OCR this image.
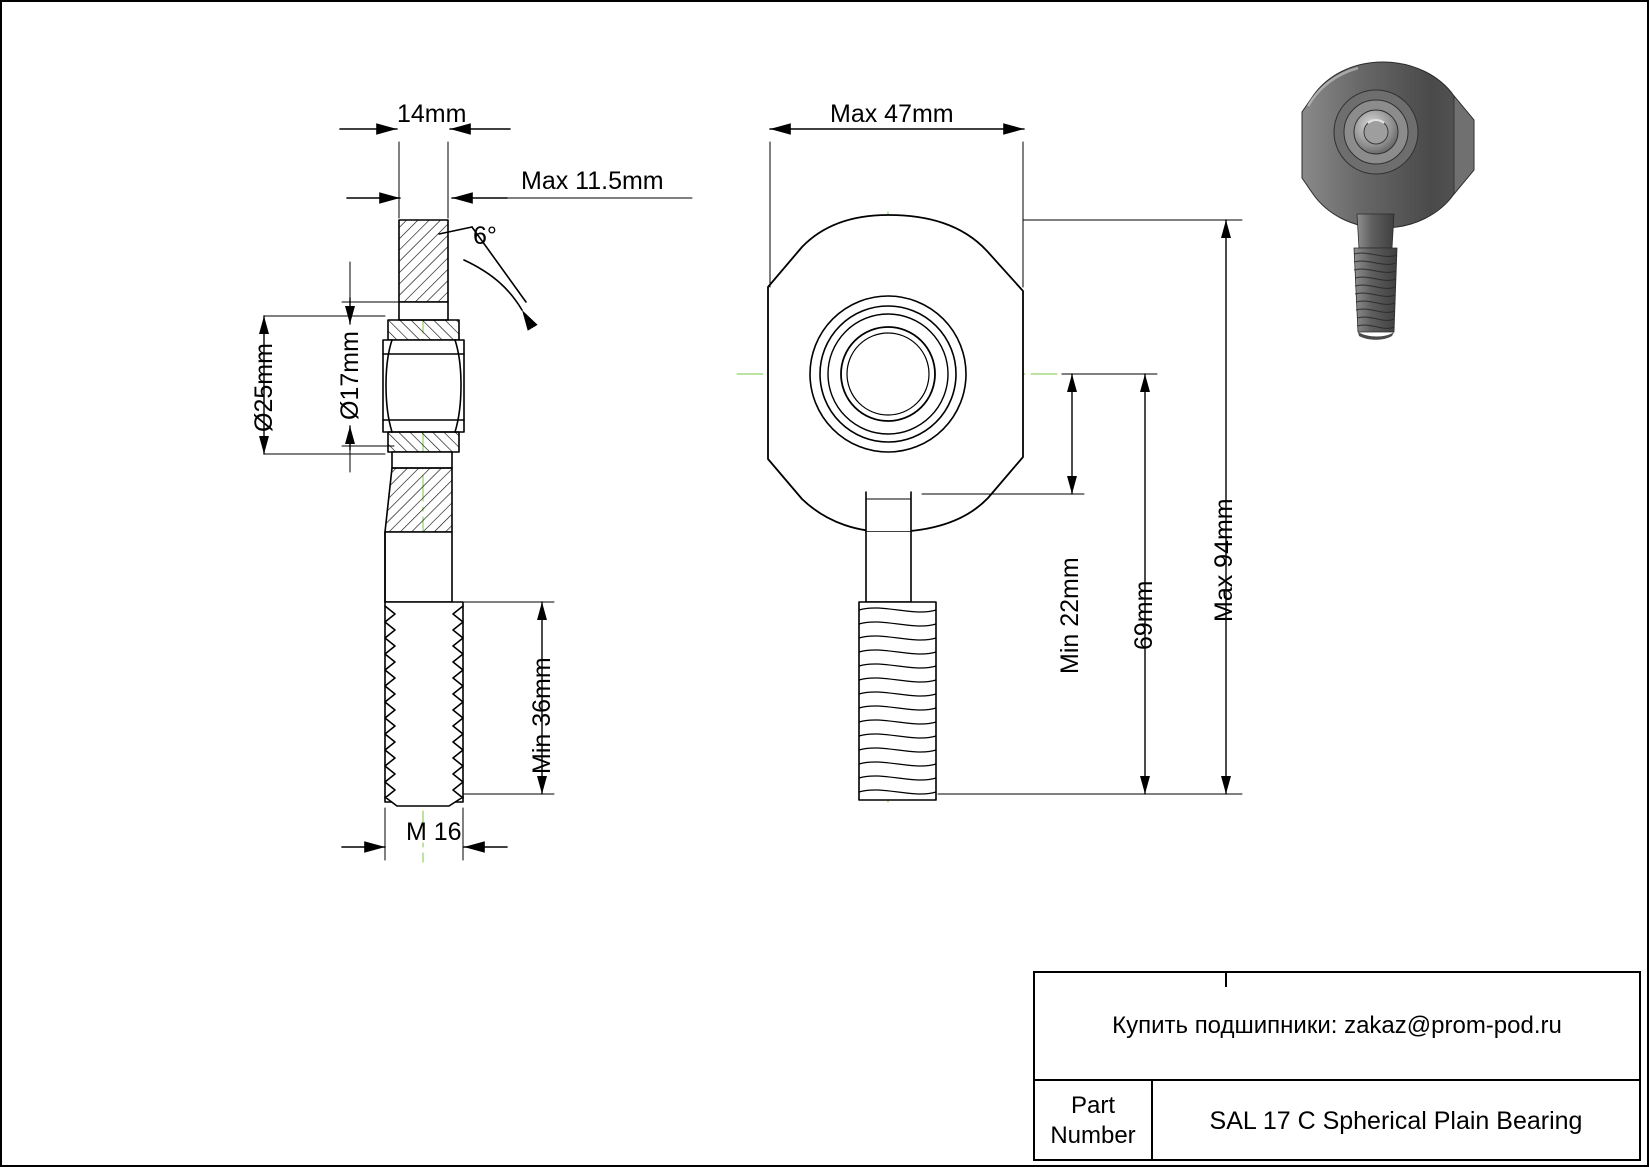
14mm
Max 11.5mm
6°
Ø25mm Ø17mm
Min 36mm
M 16
Max 47mm
Min 22mm 69mm Max 94mm
Купить подшипники: zakaz@prom-pod.ru
Part
Number
SAL 17 C Spherical Plain Bearing
